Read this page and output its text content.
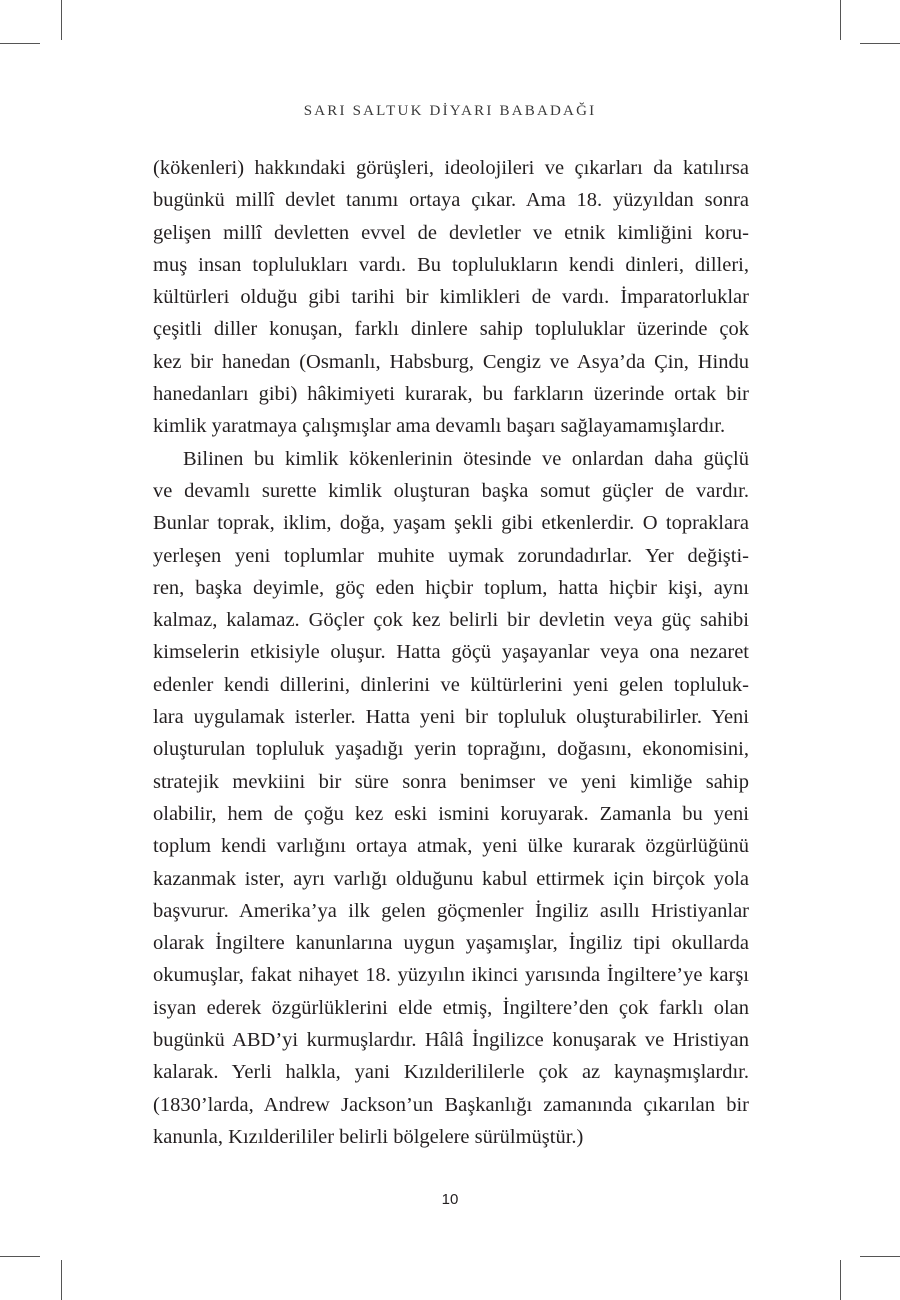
SARI SALTUK DİYARI BABADAĞI
(kökenleri) hakkındaki görüşleri, ideolojileri ve çıkarları da katılırsa
bugünkü millî devlet tanımı ortaya çıkar. Ama 18. yüzyıldan sonra
gelişen millî devletten evvel de devletler ve etnik kimliğini koru-
muş insan toplulukları vardı. Bu toplulukların kendi dinleri, dilleri,
kültürleri olduğu gibi tarihi bir kimlikleri de vardı. İmparatorluklar
çeşitli diller konuşan, farklı dinlere sahip topluluklar üzerinde çok
kez bir hanedan (Osmanlı, Habsburg, Cengiz ve Asya’da Çin, Hindu
hanedanları gibi) hâkimiyeti kurarak, bu farkların üzerinde ortak bir
kimlik yaratmaya çalışmışlar ama devamlı başarı sağlayamamışlardır.
Bilinen bu kimlik kökenlerinin ötesinde ve onlardan daha güçlü
ve devamlı surette kimlik oluşturan başka somut güçler de vardır.
Bunlar toprak, iklim, doğa, yaşam şekli gibi etkenlerdir. O topraklara
yerleşen yeni toplumlar muhite uymak zorundadırlar. Yer değişti-
ren, başka deyimle, göç eden hiçbir toplum, hatta hiçbir kişi, aynı
kalmaz, kalamaz. Göçler çok kez belirli bir devletin veya güç sahibi
kimselerin etkisiyle oluşur. Hatta göçü yaşayanlar veya ona nezaret
edenler kendi dillerini, dinlerini ve kültürlerini yeni gelen topluluk-
lara uygulamak isterler. Hatta yeni bir topluluk oluşturabilirler. Yeni
oluşturulan topluluk yaşadığı yerin toprağını, doğasını, ekonomisini,
stratejik mevkiini bir süre sonra benimser ve yeni kimliğe sahip
olabilir, hem de çoğu kez eski ismini koruyarak. Zamanla bu yeni
toplum kendi varlığını ortaya atmak, yeni ülke kurarak özgürlüğünü
kazanmak ister, ayrı varlığı olduğunu kabul ettirmek için birçok yola
başvurur. Amerika’ya ilk gelen göçmenler İngiliz asıllı Hristiyanlar
olarak İngiltere kanunlarına uygun yaşamışlar, İngiliz tipi okullarda
okumuşlar, fakat nihayet 18. yüzyılın ikinci yarısında İngiltere’ye karşı
isyan ederek özgürlüklerini elde etmiş, İngiltere’den çok farklı olan
bugünkü ABD’yi kurmuşlardır. Hâlâ İngilizce konuşarak ve Hristiyan
kalarak. Yerli halkla, yani Kızılderililerle çok az kaynaşmışlardır.
(1830’larda, Andrew Jackson’un Başkanlığı zamanında çıkarılan bir
kanunla, Kızılderililer belirli bölgelere sürülmüştür.)
10
